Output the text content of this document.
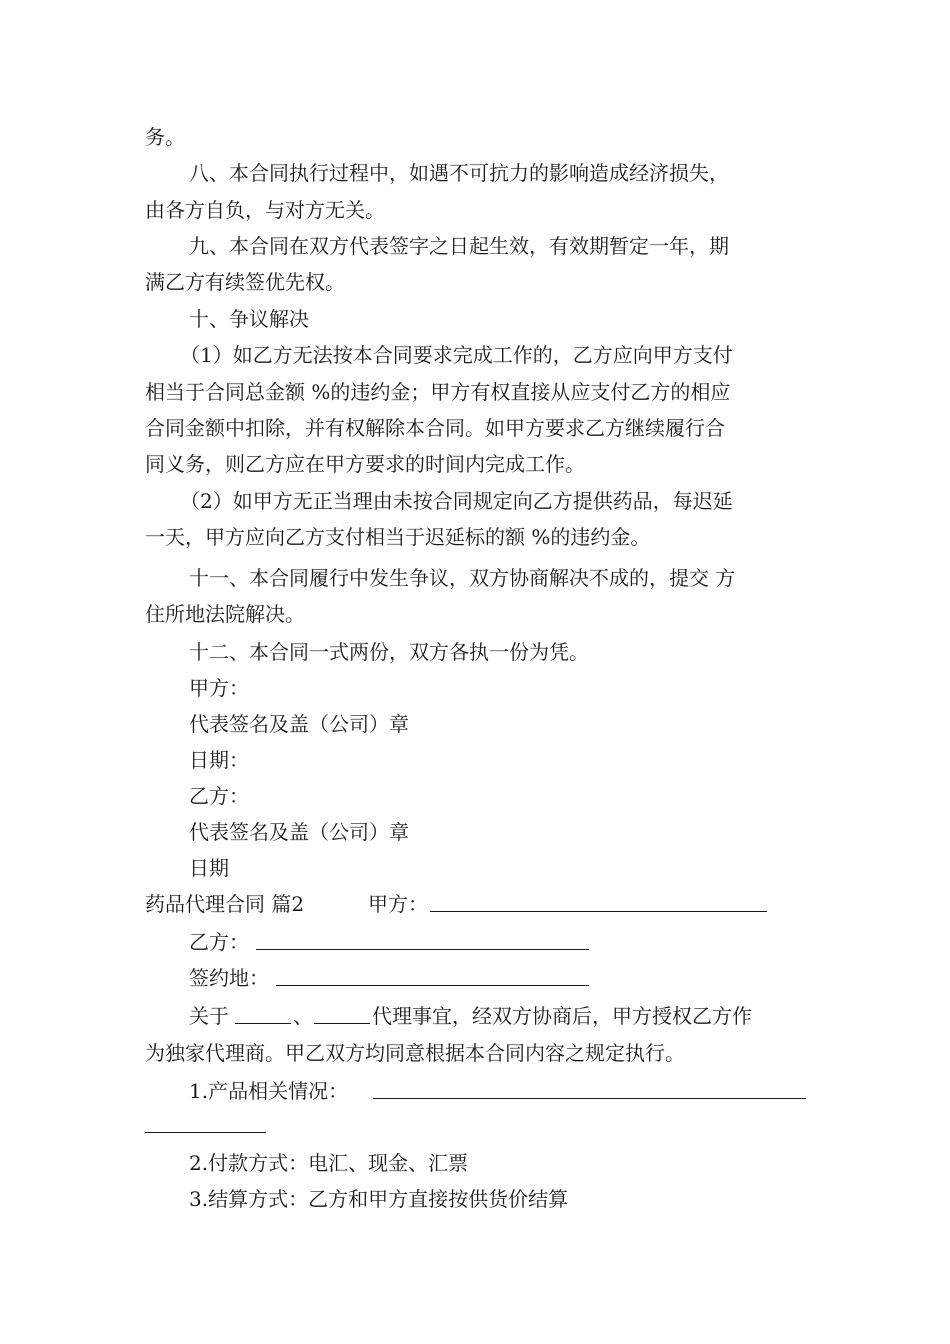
务。
八、本合同执行过程中，如遇不可抗力的影响造成经济损失，
由各方自负，与对方无关。
九、本合同在双方代表签字之日起生效，有效期暂定一年，期
满乙方有续签优先权。
十、争议解决
（1）如乙方无法按本合同要求完成工作的，乙方应向甲方支付
相当于合同总金额 %的违约金；甲方有权直接从应支付乙方的相应
合同金额中扣除，并有权解除本合同。如甲方要求乙方继续履行合
同义务，则乙方应在甲方要求的时间内完成工作。
（2）如甲方无正当理由未按合同规定向乙方提供药品，每迟延
一天，甲方应向乙方支付相当于迟延标的额 %的违约金。
十一、本合同履行中发生争议，双方协商解决不成的，提交 方
住所地法院解决。
十二、本合同一式两份，双方各执一份为凭。
甲方：
代表签名及盖（公司）章
日期：
乙方：
代表签名及盖（公司）章
日期
药品代理合同 篇2	甲方：
乙方：
签约地：
关于	、	代理事宜，经双方协商后，甲方授权乙方作
为独家代理商。甲乙双方均同意根据本合同内容之规定执行。
1.产品相关情况：
2.付款方式：电汇、现金、汇票
3.结算方式：乙方和甲方直接按供货价结算
